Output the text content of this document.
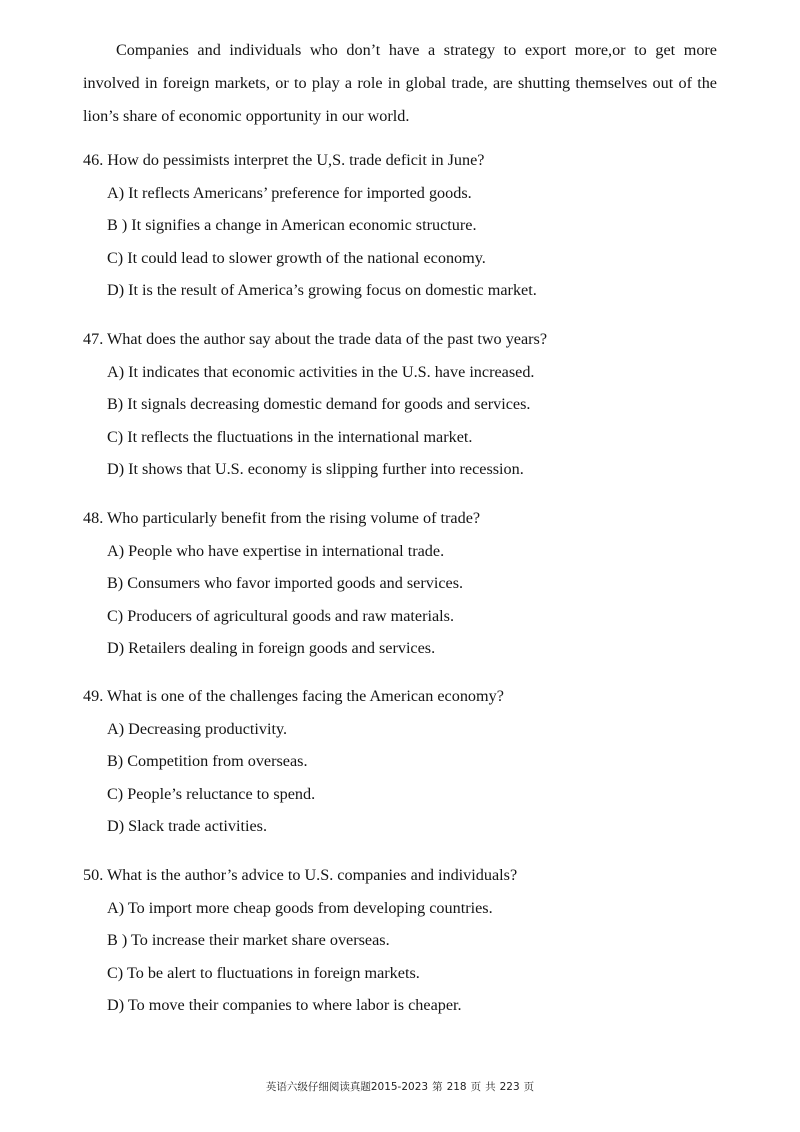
Companies and individuals who don’t have a strategy to export more,or to get more involved in foreign markets, or to play a role in global trade, are shutting themselves out of the lion’s share of economic opportunity in our world.

46. How do pessimists interpret the U,S. trade deficit in June?

A) It reflects Americans’ preference for imported goods.
B ) It signifies a change in American economic structure.
C) It could lead to slower growth of the national economy.
D) It is the result of America’s growing focus on domestic market.

47. What does the author say about the trade data of the past two years?

A) It indicates that economic activities in the U.S. have increased.
B) It signals decreasing domestic demand for goods and services.
C) It reflects the fluctuations in the international market.
D) It shows that U.S. economy is slipping further into recession.

48. Who particularly benefit from the rising volume of trade?

A) People who have expertise in international trade.
B) Consumers who favor imported goods and services.
C) Producers of agricultural goods and raw materials.
D) Retailers dealing in foreign goods and services.

49. What is one of the challenges facing the American economy?

A) Decreasing productivity.
B) Competition from overseas.
C) People’s reluctance to spend.
D) Slack trade activities.

50. What is the author’s advice to U.S. companies and individuals?

A) To import more cheap goods from developing countries.
B ) To increase their market share overseas.
C) To be alert to fluctuations in foreign markets.
D) To move their companies to where labor is cheaper.
英语六级仔细阅读真题2015-2023 第 218 页 共 223 页
